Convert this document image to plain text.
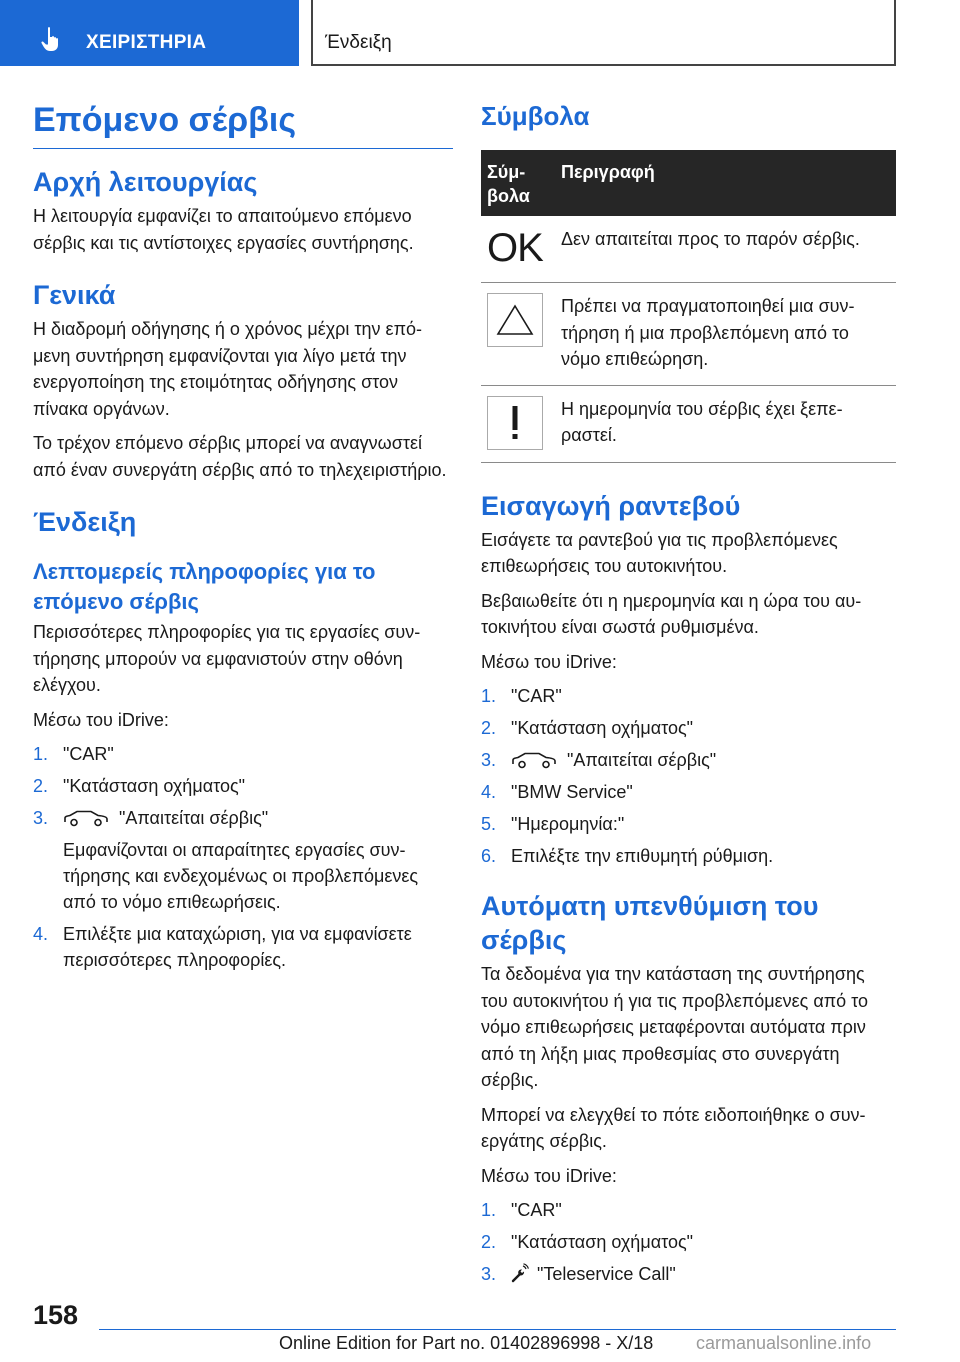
ΧΕΙΡΙΣΤΗΡΙΑ	Ένδειξη
Επόμενο σέρβις
Αρχή λειτουργίας

Η λειτουργία εμφανίζει το απαιτούμενο επόμενο σέρβις και τις αντίστοιχες εργασίες συντήρησης.

Γενικά

Η διαδρομή οδήγησης ή ο χρόνος μέχρι την επόμενη συντήρηση εμφανίζονται για λίγο μετά την ενεργοποίηση της ετοιμότητας οδήγησης στον πίνακα οργάνων.

Το τρέχον επόμενο σέρβις μπορεί να αναγνωστεί από έναν συνεργάτη σέρβις από το τηλεχειριστήριο.

Ένδειξη
Λεπτομερείς πληροφορίες για το επόμενο σέρβις

Περισσότερες πληροφορίες για τις εργασίες συντήρησης μπορούν να εμφανιστούν στην οθόνη ελέγχου.

Μέσω του iDrive:

1. "CAR"
2. "Κατάσταση οχήματος"
3.	"Απαιτείται σέρβις"
Εμφανίζονται οι απαραίτητες εργασίες συντήρησης και ενδεχομένως οι προβλεπόμενες από το νόμο επιθεωρήσεις.
4. Επιλέξτε μια καταχώριση, για να εμφανίσετε περισσότερες πληροφορίες.
Σύμβολα
Σύμβολα	Περιγραφή
OK	Δεν απαιτείται προς το παρόν σέρβις.

	Πρέπει να πραγματοποιηθεί μια συντήρηση ή μια προβλεπόμενη από το νόμο επιθεώρηση.

	Η ημερομηνία του σέρβις έχει ξεπεραστεί.
Εισαγωγή ραντεβού

Εισάγετε τα ραντεβού για τις προβλεπόμενες επιθεωρήσεις του αυτοκινήτου.

Βεβαιωθείτε ότι η ημερομηνία και η ώρα του αυτοκινήτου είναι σωστά ρυθμισμένα.

Μέσω του iDrive:

1. "CAR"
2. "Κατάσταση οχήματος"
3.	"Απαιτείται σέρβις"
4. "BMW Service"
5. "Ημερομηνία:"
6. Επιλέξτε την επιθυμητή ρύθμιση.
Αυτόματη υπενθύμιση του σέρβις

Τα δεδομένα για την κατάσταση της συντήρησης του αυτοκινήτου ή για τις προβλεπόμενες από το νόμο επιθεωρήσεις μεταφέρονται αυτόματα πριν από τη λήξη μιας προθεσμίας στο συνεργάτη σέρβις.

Μπορεί να ελεγχθεί το πότε ειδοποιήθηκε ο συνεργάτης σέρβις.

Μέσω του iDrive:

1. "CAR"
2. "Κατάσταση οχήματος"
3. "Teleservice Call"
158
Online Edition for Part no. 01402896998 - X/18 carmanualsonline.info
